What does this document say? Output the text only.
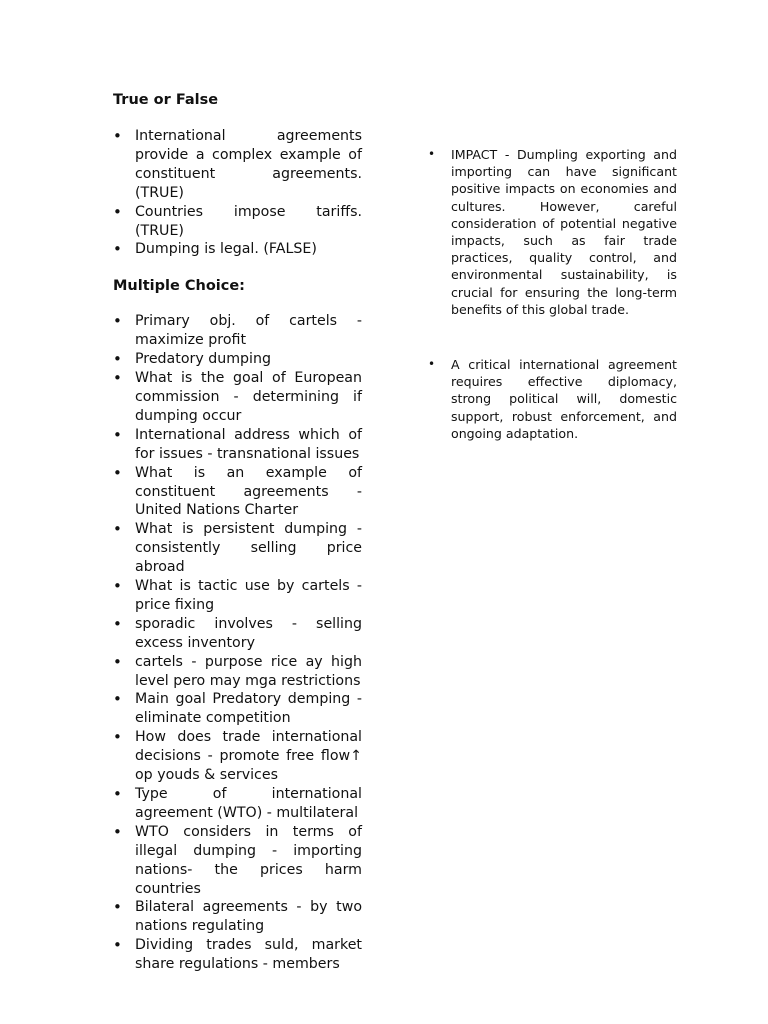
True or False
• International agreements provide a complex example of constituent agreements. (TRUE)
• Countries impose tariffs. (TRUE)
• Dumping is legal. (FALSE)
Multiple Choice:
• Primary obj. of cartels - maximize profit
• Predatory dumping
• What is the goal of European commission - determining if dumping occur
• International address which of for issues - transnational issues
• What is an example of constituent agreements - United Nations Charter
• What is persistent dumping - consistently selling price abroad
• What is tactic use by cartels - price fixing
• sporadic involves - selling excess inventory
• cartels - purpose rice ay high level pero may mga restrictions
• Main goal Predatory demping - eliminate competition
• How does trade international decisions - promote free flow↑ op youds & services
• Type of international agreement (WTO) - multilateral
• WTO considers in terms of illegal dumping - importing nations- the prices harm countries
• Bilateral agreements - by two nations regulating
• Dividing trades suld, market share regulations - members
• IMPACT - Dumpling exporting and importing can have significant positive impacts on economies and cultures. However, careful consideration of potential negative impacts, such as fair trade practices, quality control, and environmental sustainability, is crucial for ensuring the long-term benefits of this global trade.
• A critical international agreement requires effective diplomacy, strong political will, domestic support, robust enforcement, and ongoing adaptation.
